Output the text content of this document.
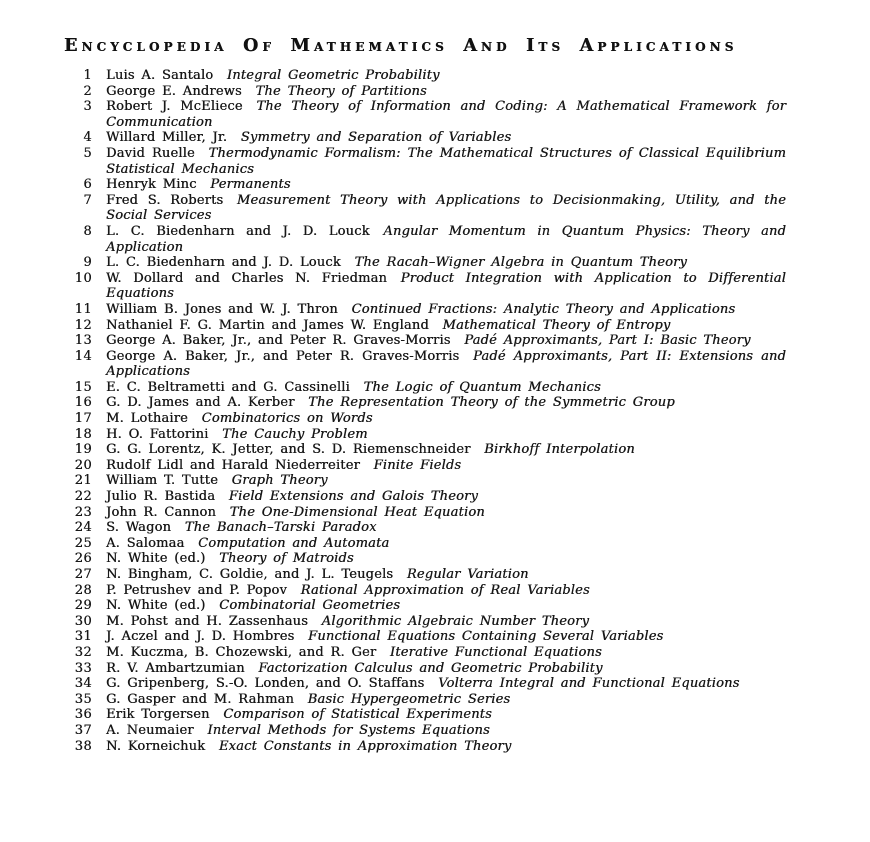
Encyclopedia Of Mathematics And Its Applications
1 Luis A. Santalo Integral Geometric Probability
2 George E. Andrews The Theory of Partitions
3 Robert J. McEliece The Theory of Information and Coding: A Mathematical Framework for Communication
4 Willard Miller, Jr. Symmetry and Separation of Variables
5 David Ruelle Thermodynamic Formalism: The Mathematical Structures of Classical Equilibrium Statistical Mechanics
6 Henryk Minc Permanents
7 Fred S. Roberts Measurement Theory with Applications to Decisionmaking, Utility, and the Social Services
8 L. C. Biedenharn and J. D. Louck Angular Momentum in Quantum Physics: Theory and Application
9 L. C. Biedenharn and J. D. Louck The Racah–Wigner Algebra in Quantum Theory
10 W. Dollard and Charles N. Friedman Product Integration with Application to Differential Equations
11 William B. Jones and W. J. Thron Continued Fractions: Analytic Theory and Applications
12 Nathaniel F. G. Martin and James W. England Mathematical Theory of Entropy
13 George A. Baker, Jr., and Peter R. Graves-Morris Padé Approximants, Part I: Basic Theory
14 George A. Baker, Jr., and Peter R. Graves-Morris Padé Approximants, Part II: Extensions and Applications
15 E. C. Beltrametti and G. Cassinelli The Logic of Quantum Mechanics
16 G. D. James and A. Kerber The Representation Theory of the Symmetric Group
17 M. Lothaire Combinatorics on Words
18 H. O. Fattorini The Cauchy Problem
19 G. G. Lorentz, K. Jetter, and S. D. Riemenschneider Birkhoff Interpolation
20 Rudolf Lidl and Harald Niederreiter Finite Fields
21 William T. Tutte Graph Theory
22 Julio R. Bastida Field Extensions and Galois Theory
23 John R. Cannon The One-Dimensional Heat Equation
24 S. Wagon The Banach–Tarski Paradox
25 A. Salomaa Computation and Automata
26 N. White (ed.) Theory of Matroids
27 N. Bingham, C. Goldie, and J. L. Teugels Regular Variation
28 P. Petrushev and P. Popov Rational Approximation of Real Variables
29 N. White (ed.) Combinatorial Geometries
30 M. Pohst and H. Zassenhaus Algorithmic Algebraic Number Theory
31 J. Aczel and J. D. Hombres Functional Equations Containing Several Variables
32 M. Kuczma, B. Chozewski, and R. Ger Iterative Functional Equations
33 R. V. Ambartzumian Factorization Calculus and Geometric Probability
34 G. Gripenberg, S.-O. Londen, and O. Staffans Volterra Integral and Functional Equations
35 G. Gasper and M. Rahman Basic Hypergeometric Series
36 Erik Torgersen Comparison of Statistical Experiments
37 A. Neumaier Interval Methods for Systems Equations
38 N. Korneichuk Exact Constants in Approximation Theory
